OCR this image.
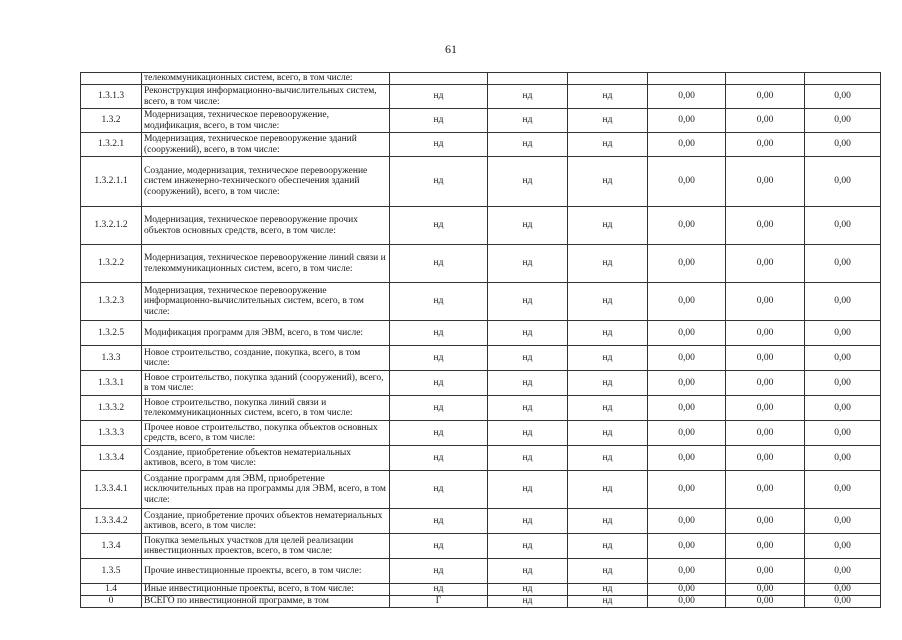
61
	телекоммуникационных систем, всего, в том числе:						
1.3.1.3	Реконструкция информационно-вычислительных систем, всего, в том числе:	нд	нд	нд	0,00	0,00	0,00
1.3.2	Модернизация, техническое перевооружение, модификация, всего, в том числе:	нд	нд	нд	0,00	0,00	0,00
1.3.2.1	Модернизация, техническое перевооружение зданий (сооружений), всего, в том числе:	нд	нд	нд	0,00	0,00	0,00
1.3.2.1.1	Создание, модернизация, техническое перевооружение систем инженерно-технического обеспечения зданий (сооружений), всего, в том числе:	нд	нд	нд	0,00	0,00	0,00
1.3.2.1.2	Модернизация, техническое перевооружение прочих объектов основных средств, всего, в том числе:	нд	нд	нд	0,00	0,00	0,00
1.3.2.2	Модернизация, техническое перевооружение линий связи и телекоммуникационных систем, всего, в том числе:	нд	нд	нд	0,00	0,00	0,00
1.3.2.3	Модернизация, техническое перевооружение информационно-вычислительных систем, всего, в том числе:	нд	нд	нд	0,00	0,00	0,00
1.3.2.5	Модификация программ для ЭВМ, всего, в том числе:	нд	нд	нд	0,00	0,00	0,00
1.3.3	Новое строительство, создание, покупка, всего, в том числе:	нд	нд	нд	0,00	0,00	0,00
1.3.3.1	Новое строительство, покупка зданий (сооружений), всего, в том числе:	нд	нд	нд	0,00	0,00	0,00
1.3.3.2	Новое строительство, покупка линий связи и телекоммуникационных систем, всего, в том числе:	нд	нд	нд	0,00	0,00	0,00
1.3.3.3	Прочее новое строительство, покупка объектов основных средств, всего, в том числе:	нд	нд	нд	0,00	0,00	0,00
1.3.3.4	Создание, приобретение объектов нематериальных активов, всего, в том числе:	нд	нд	нд	0,00	0,00	0,00
1.3.3.4.1	Создание программ для ЭВМ, приобретение исключительных прав на программы для ЭВМ, всего, в том числе:	нд	нд	нд	0,00	0,00	0,00
1.3.3.4.2	Создание, приобретение прочих объектов нематериальных активов, всего, в том числе:	нд	нд	нд	0,00	0,00	0,00
1.3.4	Покупка земельных участков для целей реализации инвестиционных проектов, всего, в том числе:	нд	нд	нд	0,00	0,00	0,00
1.3.5	Прочие инвестиционные проекты, всего, в том числе:	нд	нд	нд	0,00	0,00	0,00
1.4	Иные инвестиционные проекты, всего, в том числе:	нд	нд	нд	0,00	0,00	0,00
0	ВСЕГО по инвестиционной программе, в том	Г	нд	нд	0,00	0,00	0,00
